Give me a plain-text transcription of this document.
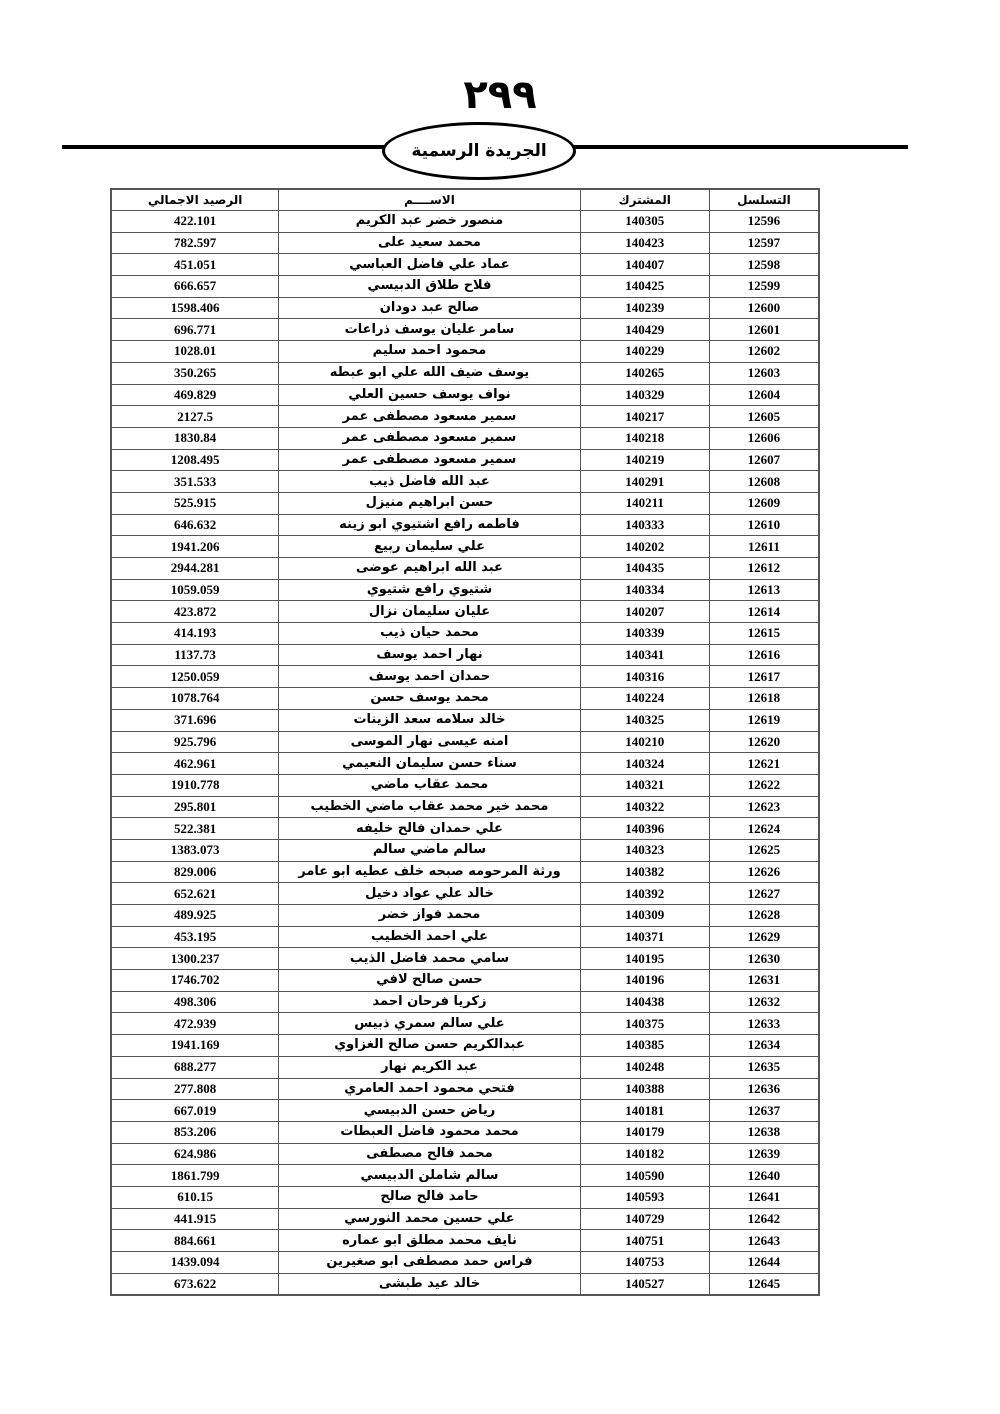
٢٩٩
الجريدة الرسمية
التسلسل	المشترك	الاســــم	الرصيد الاجمالي
12596	140305	منصور خضر عبد الكريم	422.101
12597	140423	محمد سعيد على	782.597
12598	140407	عماد علي فاضل العباسي	451.051
12599	140425	فلاح طلاق الدبيسي	666.657
12600	140239	صالح عبد دودان	1598.406
12601	140429	سامر عليان يوسف ذراعات	696.771
12602	140229	محمود احمد سليم	1028.01
12603	140265	يوسف ضيف الله علي ابو عبطه	350.265
12604	140329	نواف يوسف حسين العلي	469.829
12605	140217	سمير مسعود مصطفى عمر	2127.5
12606	140218	سمير مسعود مصطفى عمر	1830.84
12607	140219	سمير مسعود مصطفى عمر	1208.495
12608	140291	عبد الله فاضل ذيب	351.533
12609	140211	حسن ابراهيم منيزل	525.915
12610	140333	فاطمه رافع اشتيوي ابو زينه	646.632
12611	140202	علي سليمان ربيع	1941.206
12612	140435	عبد الله ابراهيم عوضى	2944.281
12613	140334	شتيوي رافع شتيوي	1059.059
12614	140207	عليان سليمان نزال	423.872
12615	140339	محمد حيان ذيب	414.193
12616	140341	نهار احمد يوسف	1137.73
12617	140316	حمدان احمد يوسف	1250.059
12618	140224	محمد يوسف حسن	1078.764
12619	140325	خالد سلامه سعد الزينات	371.696
12620	140210	امنه عيسى نهار الموسى	925.796
12621	140324	سناء حسن سليمان النعيمي	462.961
12622	140321	محمد عقاب ماضي	1910.778
12623	140322	محمد خير محمد عقاب ماضي الخطيب	295.801
12624	140396	علي حمدان فالح خليفه	522.381
12625	140323	سالم ماضي سالم	1383.073
12626	140382	ورثة المرحومه صبحه خلف عطيه ابو عامر	829.006
12627	140392	خالد علي عواد دخيل	652.621
12628	140309	محمد فواز خضر	489.925
12629	140371	علي احمد الخطيب	453.195
12630	140195	سامي محمد فاضل الذيب	1300.237
12631	140196	حسن صالح لافي	1746.702
12632	140438	زكريا فرحان احمد	498.306
12633	140375	علي سالم سمري ذبيس	472.939
12634	140385	عبدالكريم حسن صالح الغزاوي	1941.169
12635	140248	عبد الكريم نهار	688.277
12636	140388	فتحي محمود احمد العامري	277.808
12637	140181	رياض حسن الدبيسي	667.019
12638	140179	محمد محمود فاضل العبطات	853.206
12639	140182	محمد فالح مصطفى	624.986
12640	140590	سالم شاملن الدبيسي	1861.799
12641	140593	حامد فالح صالح	610.15
12642	140729	علي حسين محمد النورسي	441.915
12643	140751	نايف محمد مطلق ابو عماره	884.661
12644	140753	فراس حمد مصطفى ابو صغيرين	1439.094
12645	140527	خالد عيد طبشى	673.622
